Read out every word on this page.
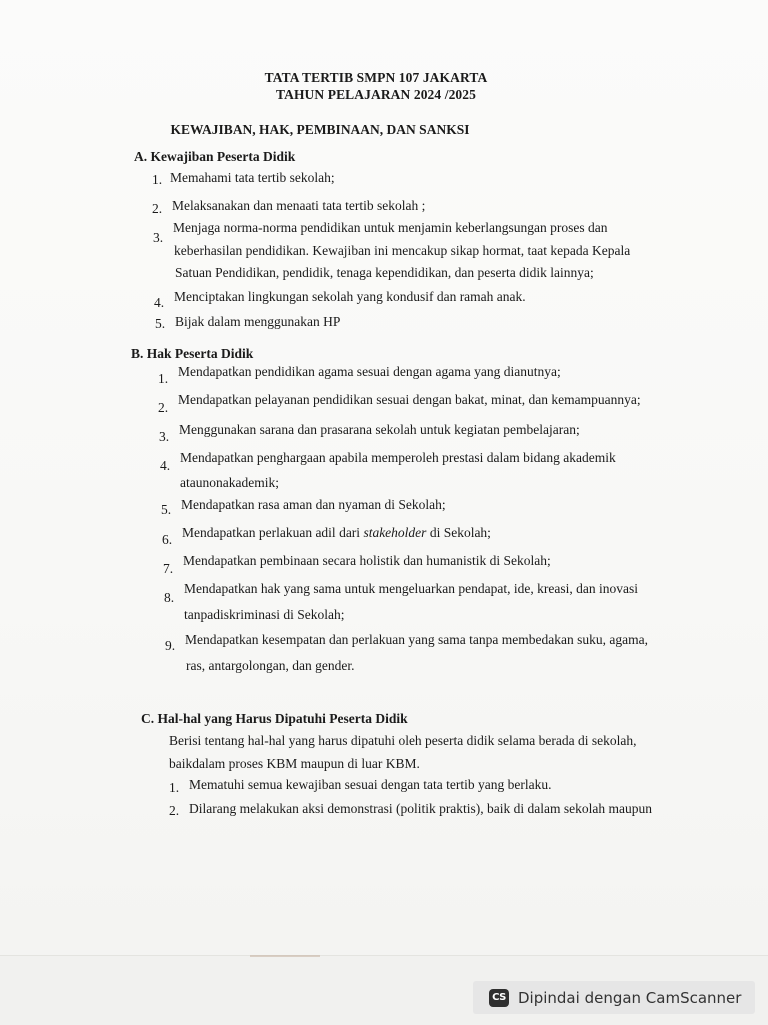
TATA TERTIB SMPN 107 JAKARTA
TAHUN PELAJARAN 2024 /2025
KEWAJIBAN, HAK, PEMBINAAN, DAN SANKSI
A. Kewajiban Peserta Didik
1. Memahami tata tertib sekolah;
2. Melaksanakan dan menaati tata tertib sekolah ;
3.
Menjaga norma-norma pendidikan untuk menjamin keberlangsungan proses dan
keberhasilan pendidikan. Kewajiban ini mencakup sikap hormat, taat kepada Kepala
Satuan Pendidikan, pendidik, tenaga kependidikan, dan peserta didik lainnya;
4. Menciptakan lingkungan sekolah yang kondusif dan ramah anak.
5. Bijak dalam menggunakan HP
B. Hak Peserta Didik
1. Mendapatkan pendidikan agama sesuai dengan agama yang dianutnya;
2.
Mendapatkan pelayanan pendidikan sesuai dengan bakat, minat, dan kemampuannya;
3. Menggunakan sarana dan prasarana sekolah untuk kegiatan pembelajaran;
4.
Mendapatkan penghargaan apabila memperoleh prestasi dalam bidang akademik
ataunonakademik;
5. Mendapatkan rasa aman dan nyaman di Sekolah;
6. Mendapatkan perlakuan adil dari stakeholder di Sekolah;
7.
Mendapatkan pembinaan secara holistik dan humanistik di Sekolah;
8.
Mendapatkan hak yang sama untuk mengeluarkan pendapat, ide, kreasi, dan inovasi
tanpadiskriminasi di Sekolah;
9. Mendapatkan kesempatan dan perlakuan yang sama tanpa membedakan suku, agama,
ras, antargolongan, dan gender.
C. Hal-hal yang Harus Dipatuhi Peserta Didik
Berisi tentang hal-hal yang harus dipatuhi oleh peserta didik selama berada di sekolah,
baikdalam proses KBM maupun di luar KBM.
1. Mematuhi semua kewajiban sesuai dengan tata tertib yang berlaku.
2. Dilarang melakukan aksi demonstrasi (politik praktis), baik di dalam sekolah maupun
CS Dipindai dengan CamScanner
